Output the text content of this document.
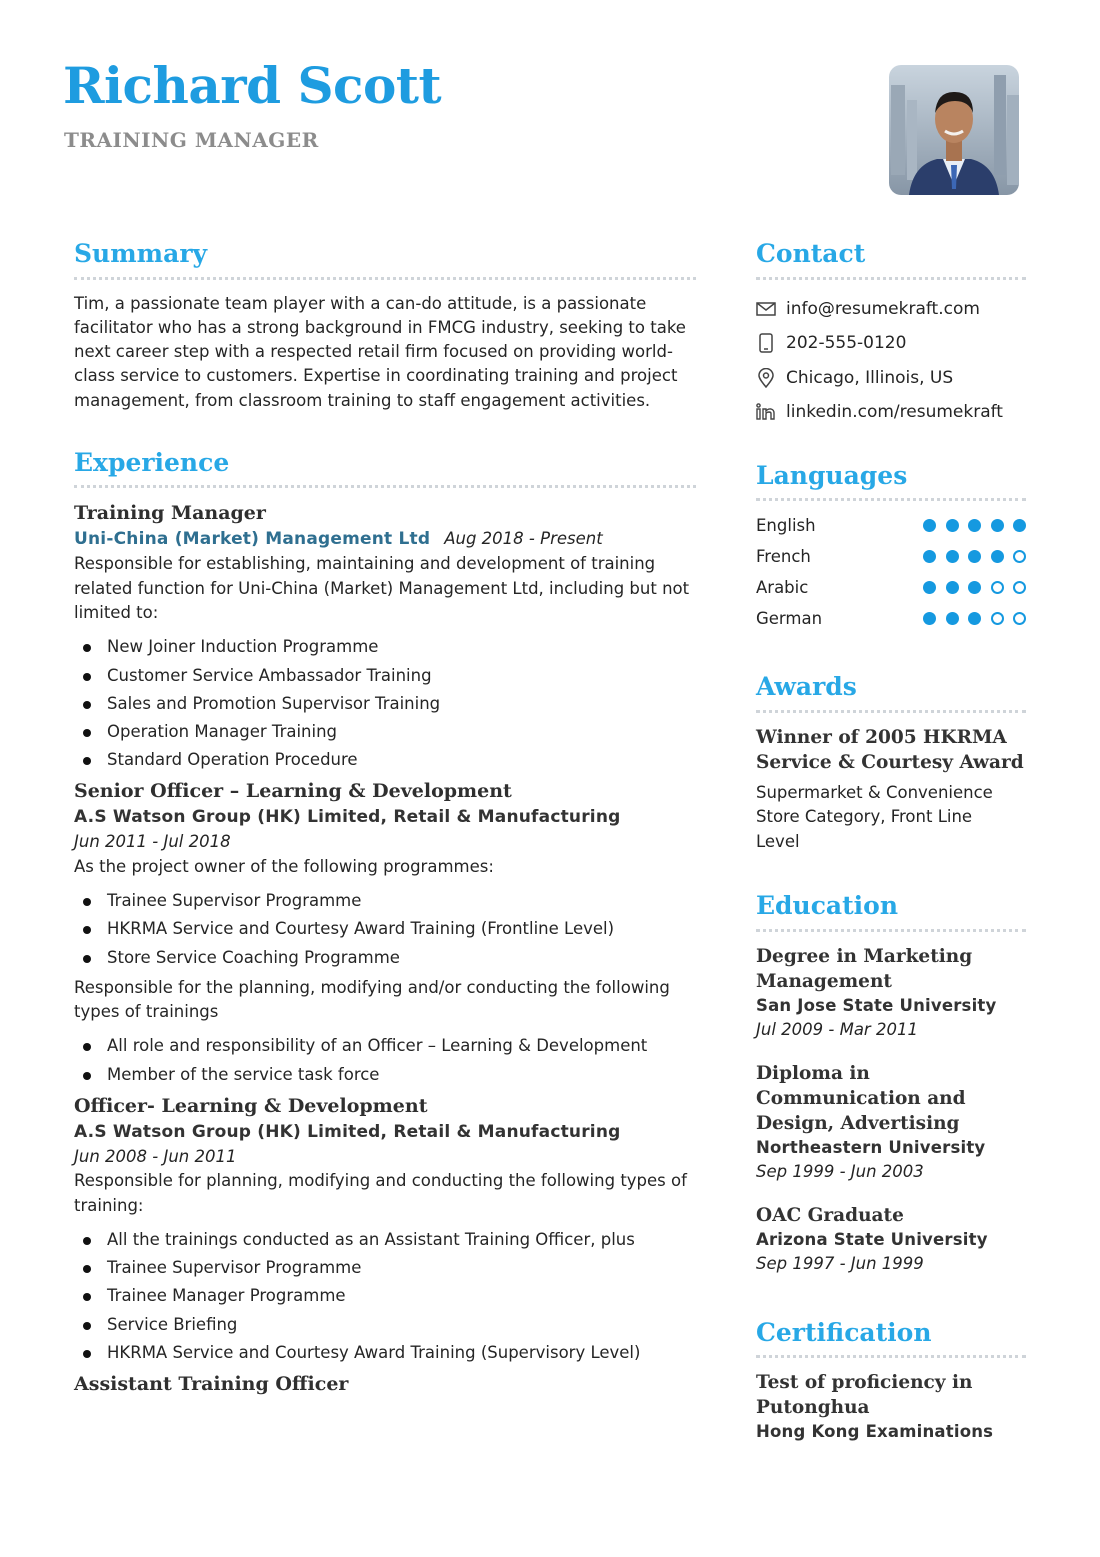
Richard Scott
TRAINING MANAGER
Summary
Tim, a passionate team player with a can-do attitude, is a passionate facilitator who has a strong background in FMCG industry, seeking to take next career step with a respected retail firm focused on providing world-class service to customers. Expertise in coordinating training and project management, from classroom training to staff engagement activities.
Experience
Training Manager
Uni-China (Market) Management Ltd Aug 2018 - Present
Responsible for establishing, maintaining and development of training related function for Uni-China (Market) Management Ltd, including but not limited to:
New Joiner Induction Programme
Customer Service Ambassador Training
Sales and Promotion Supervisor Training
Operation Manager Training
Standard Operation Procedure
Senior Officer – Learning & Development
A.S Watson Group (HK) Limited, Retail & Manufacturing
Jun 2011 - Jul 2018
As the project owner of the following programmes:
Trainee Supervisor Programme
HKRMA Service and Courtesy Award Training (Frontline Level)
Store Service Coaching Programme
Responsible for the planning, modifying and/or conducting the following types of trainings
All role and responsibility of an Officer – Learning & Development
Member of the service task force
Officer- Learning & Development
A.S Watson Group (HK) Limited, Retail & Manufacturing
Jun 2008 - Jun 2011
Responsible for planning, modifying and conducting the following types of training:
All the trainings conducted as an Assistant Training Officer, plus
Trainee Supervisor Programme
Trainee Manager Programme
Service Briefing
HKRMA Service and Courtesy Award Training (Supervisory Level)
Assistant Training Officer
Contact
info@resumekraft.com
202-555-0120
Chicago, Illinois, US
linkedin.com/resumekraft
Languages
English
French
Arabic
German
Awards
Winner of 2005 HKRMA Service & Courtesy Award
Supermarket & Convenience Store Category, Front Line Level
Education
Degree in Marketing Management
San Jose State University
Jul 2009 - Mar 2011
Diploma in Communication and Design, Advertising
Northeastern University
Sep 1999 - Jun 2003
OAC Graduate
Arizona State University
Sep 1997 - Jun 1999
Certification
Test of proficiency in Putonghua
Hong Kong Examinations
